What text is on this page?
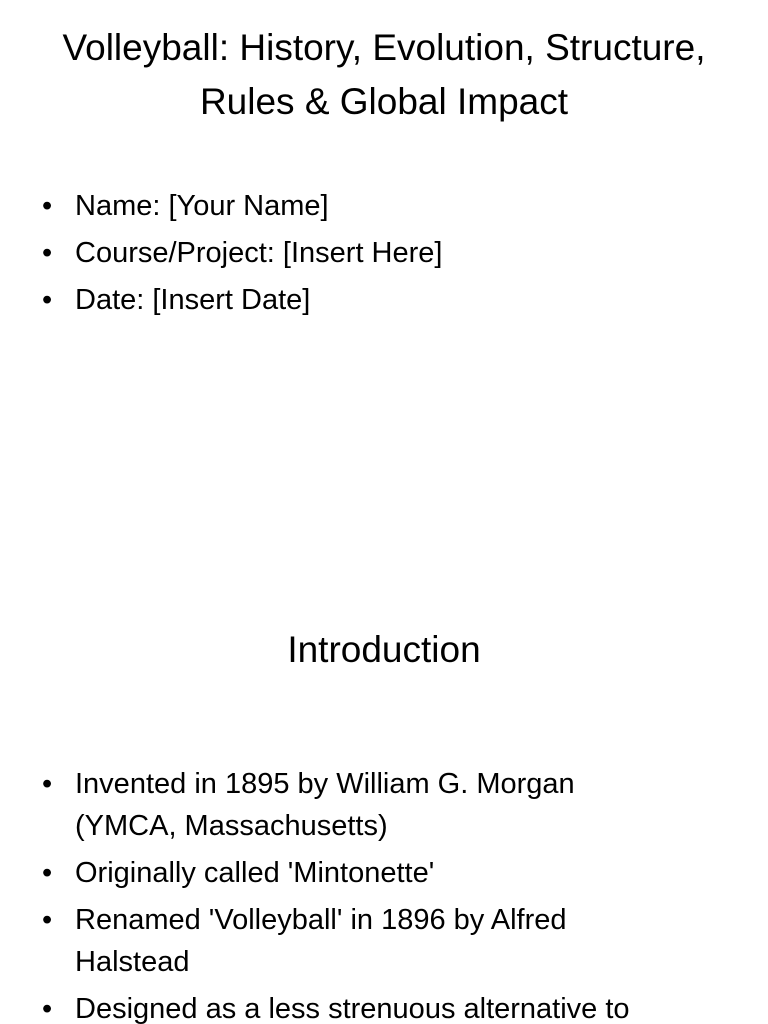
Volleyball: History, Evolution, Structure, Rules & Global Impact
• Name: [Your Name]
• Course/Project: [Insert Here]
• Date: [Insert Date]
Introduction
• Invented in 1895 by William G. Morgan (YMCA, Massachusetts)
• Originally called 'Mintonette'
• Renamed 'Volleyball' in 1896 by Alfred Halstead
• Designed as a less strenuous alternative to
